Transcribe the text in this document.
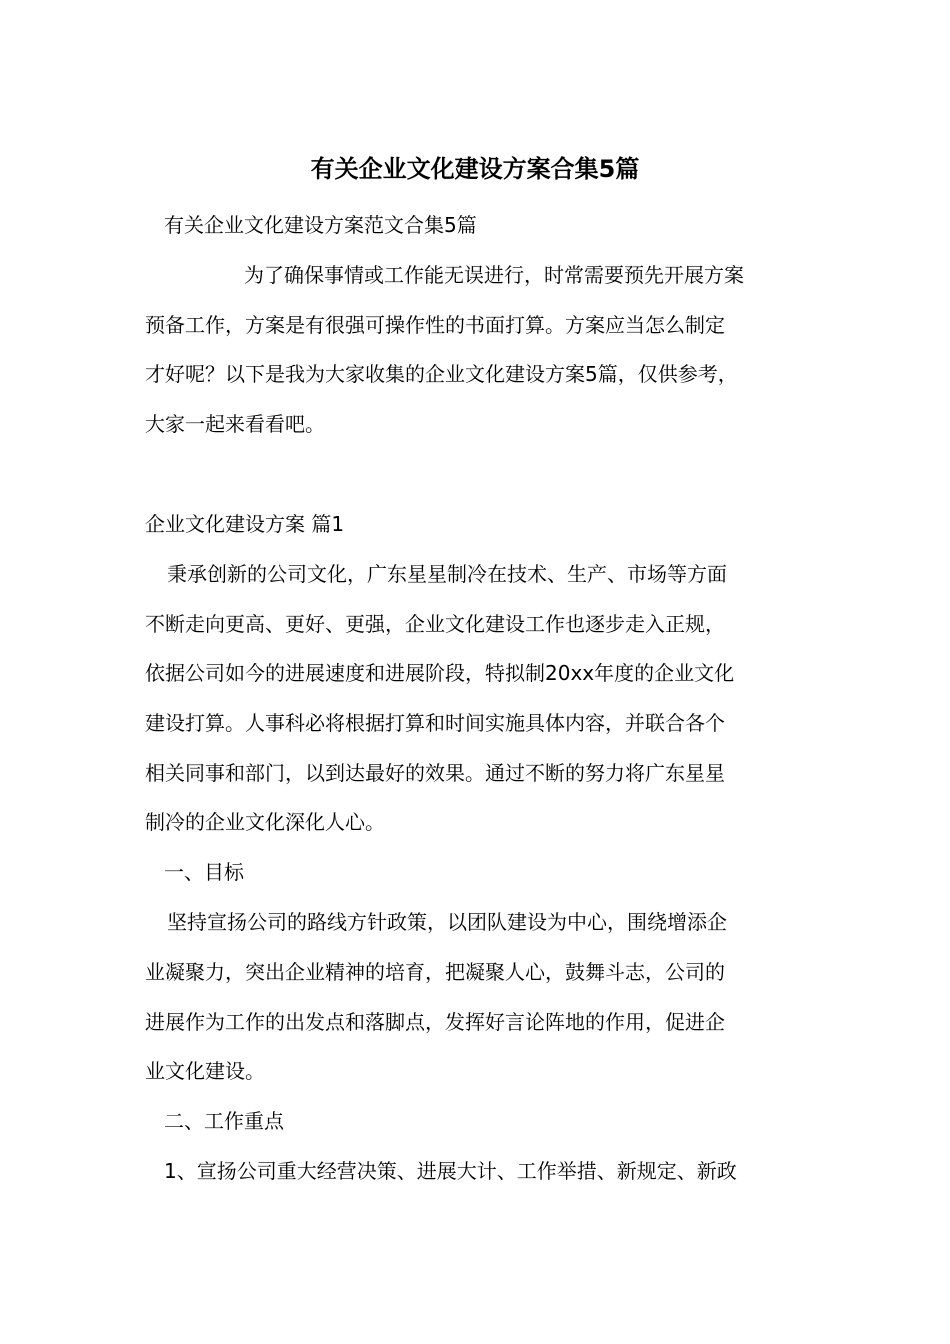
有关企业文化建设方案合集5篇
有关企业文化建设方案范文合集5篇
为了确保事情或工作能无误进行，时常需要预先开展方案
预备工作，方案是有很强可操作性的书面打算。方案应当怎么制定
才好呢？以下是我为大家收集的企业文化建设方案5篇，仅供参考，
大家一起来看看吧。
企业文化建设方案 篇1
秉承创新的公司文化，广东星星制冷在技术、生产、市场等方面
不断走向更高、更好、更强，企业文化建设工作也逐步走入正规，
依据公司如今的进展速度和进展阶段，特拟制20xx年度的企业文化
建设打算。人事科必将根据打算和时间实施具体内容，并联合各个
相关同事和部门，以到达最好的效果。通过不断的努力将广东星星
制冷的企业文化深化人心。
一、目标
坚持宣扬公司的路线方针政策，以团队建设为中心，围绕增添企
业凝聚力，突出企业精神的培育，把凝聚人心，鼓舞斗志，公司的
进展作为工作的出发点和落脚点，发挥好言论阵地的作用，促进企
业文化建设。
二、工作重点
1、宣扬公司重大经营决策、进展大计、工作举措、新规定、新政
